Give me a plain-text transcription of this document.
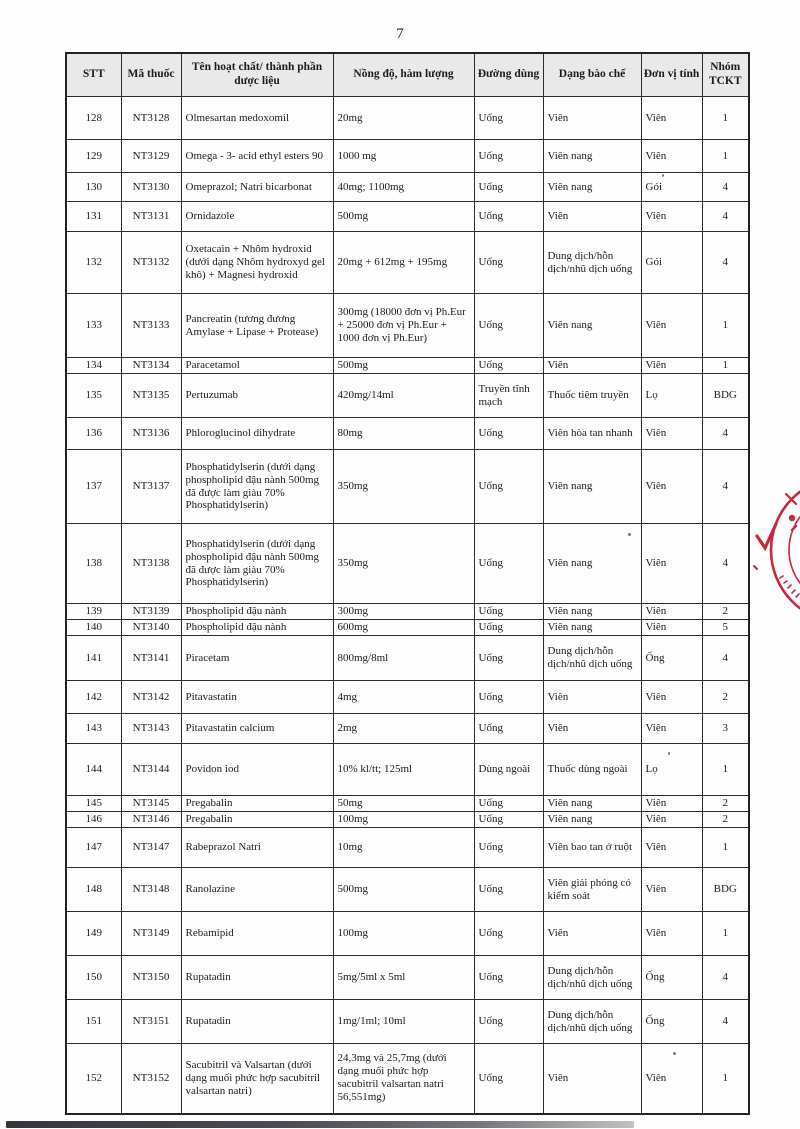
7
STT	Mã thuốc	Tên hoạt chất/ thành phần dược liệu	Nồng độ, hàm lượng	Đường dùng	Dạng bào chế	Đơn vị tính	Nhóm TCKT
128	NT3128	Olmesartan medoxomil	20mg	Uống	Viên	Viên	1
129	NT3129	Omega - 3- acid ethyl esters 90	1000 mg	Uống	Viên nang	Viên	1
130	NT3130	Omeprazol; Natri bicarbonat	40mg; 1100mg	Uống	Viên nang	Gói	4
131	NT3131	Ornidazole	500mg	Uống	Viên	Viên	4
132	NT3132	Oxetacain + Nhôm hydroxid (dưới dạng Nhôm hydroxyd gel khô) + Magnesi hydroxid	20mg + 612mg + 195mg	Uống	Dung dịch/hỗn dịch/nhũ dịch uống	Gói	4
133	NT3133	Pancreatin (tương đương Amylase + Lipase + Protease)	300mg (18000 đơn vị Ph.Eur + 25000 đơn vị Ph.Eur + 1000 đơn vị Ph.Eur)	Uống	Viên nang	Viên	1
134	NT3134	Paracetamol	500mg	Uống	Viên	Viên	1
135	NT3135	Pertuzumab	420mg/14ml	Truyền tĩnh mạch	Thuốc tiêm truyền	Lọ	BDG
136	NT3136	Phloroglucinol dihydrate	80mg	Uống	Viên hòa tan nhanh	Viên	4
137	NT3137	Phosphatidylserin (dưới dạng phospholipid đậu nành 500mg đã được làm giàu 70% Phosphatidylserin)	350mg	Uống	Viên nang	Viên	4
138	NT3138	Phosphatidylserin (dưới dạng phospholipid đậu nành 500mg đã được làm giàu 70% Phosphatidylserin)	350mg	Uống	Viên nang	Viên	4
139	NT3139	Phospholipid đậu nành	300mg	Uống	Viên nang	Viên	2
140	NT3140	Phospholipid đậu nành	600mg	Uống	Viên nang	Viên	5
141	NT3141	Piracetam	800mg/8ml	Uống	Dung dịch/hỗn dịch/nhũ dịch uống	Ống	4
142	NT3142	Pitavastatin	4mg	Uống	Viên	Viên	2
143	NT3143	Pitavastatin calcium	2mg	Uống	Viên	Viên	3
144	NT3144	Povidon iod	10% kl/tt; 125ml	Dùng ngoài	Thuốc dùng ngoài	Lọ	1
145	NT3145	Pregabalin	50mg	Uống	Viên nang	Viên	2
146	NT3146	Pregabalin	100mg	Uống	Viên nang	Viên	2
147	NT3147	Rabeprazol Natri	10mg	Uống	Viên bao tan ở ruột	Viên	1
148	NT3148	Ranolazine	500mg	Uống	Viên giải phóng có kiểm soát	Viên	BDG
149	NT3149	Rebamipid	100mg	Uống	Viên	Viên	1
150	NT3150	Rupatadin	5mg/5ml x 5ml	Uống	Dung dịch/hỗn dịch/nhũ dịch uống	Ống	4
151	NT3151	Rupatadin	1mg/1ml; 10ml	Uống	Dung dịch/hỗn dịch/nhũ dịch uống	Ống	4
152	NT3152	Sacubitril và Valsartan (dưới dạng muối phức hợp sacubitril valsartan natri)	24,3mg và 25,7mg (dưới dạng muối phức hợp sacubitril valsartan natri 56,551mg)	Uống	Viên	Viên	1
